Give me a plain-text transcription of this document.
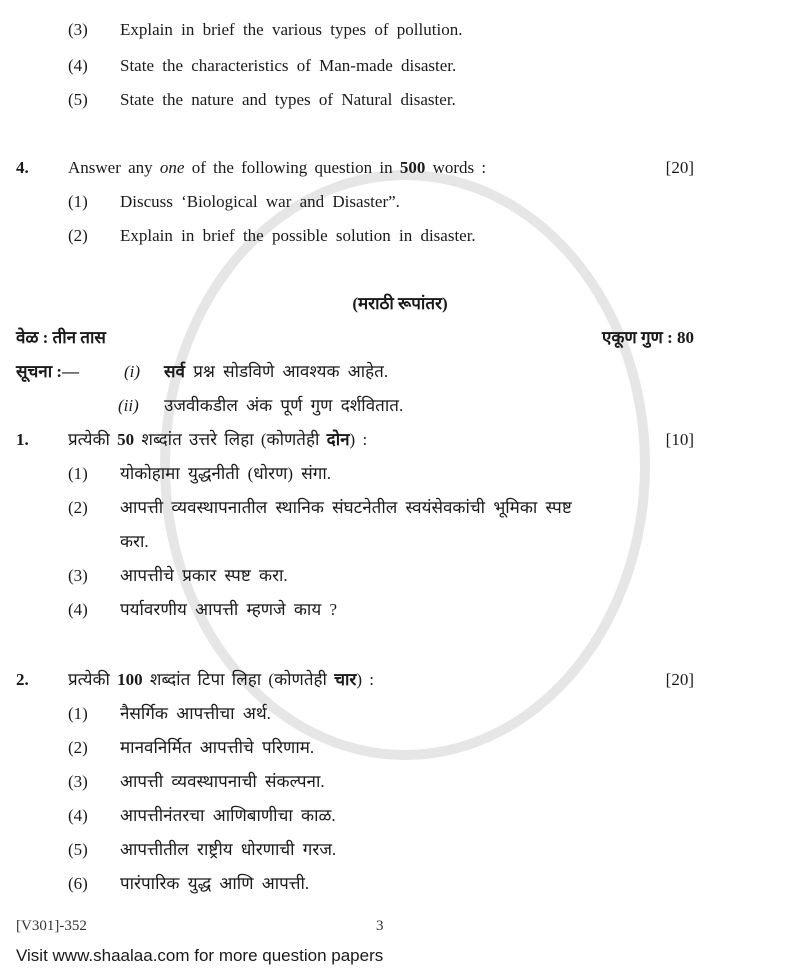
(3) Explain in brief the various types of pollution.
(4) State the characteristics of Man-made disaster.
(5) State the nature and types of Natural disaster.
4. Answer any one of the following question in 500 words :	[20]
(1) Discuss ‘Biological war and Disaster”.
(2) Explain in brief the possible solution in disaster.
(मराठी रूपांतर)
वेळ : तीन तास	एकूण गुण : 80
सूचना :—	(i) सर्व प्रश्न सोडविणे आवश्यक आहेत.
(ii) उजवीकडील अंक पूर्ण गुण दर्शवितात.
1. प्रत्येकी 50 शब्दांत उत्तरे लिहा (कोणतेही दोन) :	[10]
(1) योकोहामा युद्धनीती (धोरण) संगा.
(2) आपत्ती व्यवस्थापनातील स्थानिक संघटनेतील स्वयंसेवकांची भूमिका स्पष्ट
करा.
(3) आपत्तीचे प्रकार स्पष्ट करा.
(4) पर्यावरणीय आपत्ती म्हणजे काय ?
2. प्रत्येकी 100 शब्दांत टिपा लिहा (कोणतेही चार) :	[20]
(1) नैसर्गिक आपत्तीचा अर्थ.
(2) मानवनिर्मित आपत्तीचे परिणाम.
(3) आपत्ती व्यवस्थापनाची संकल्पना.
(4) आपत्तीनंतरचा आणिबाणीचा काळ.
(5) आपत्तीतील राष्ट्रीय धोरणाची गरज.
(6) पारंपारिक युद्ध आणि आपत्ती.
[V301]-352	3
Visit www.shaalaa.com for more question papers
